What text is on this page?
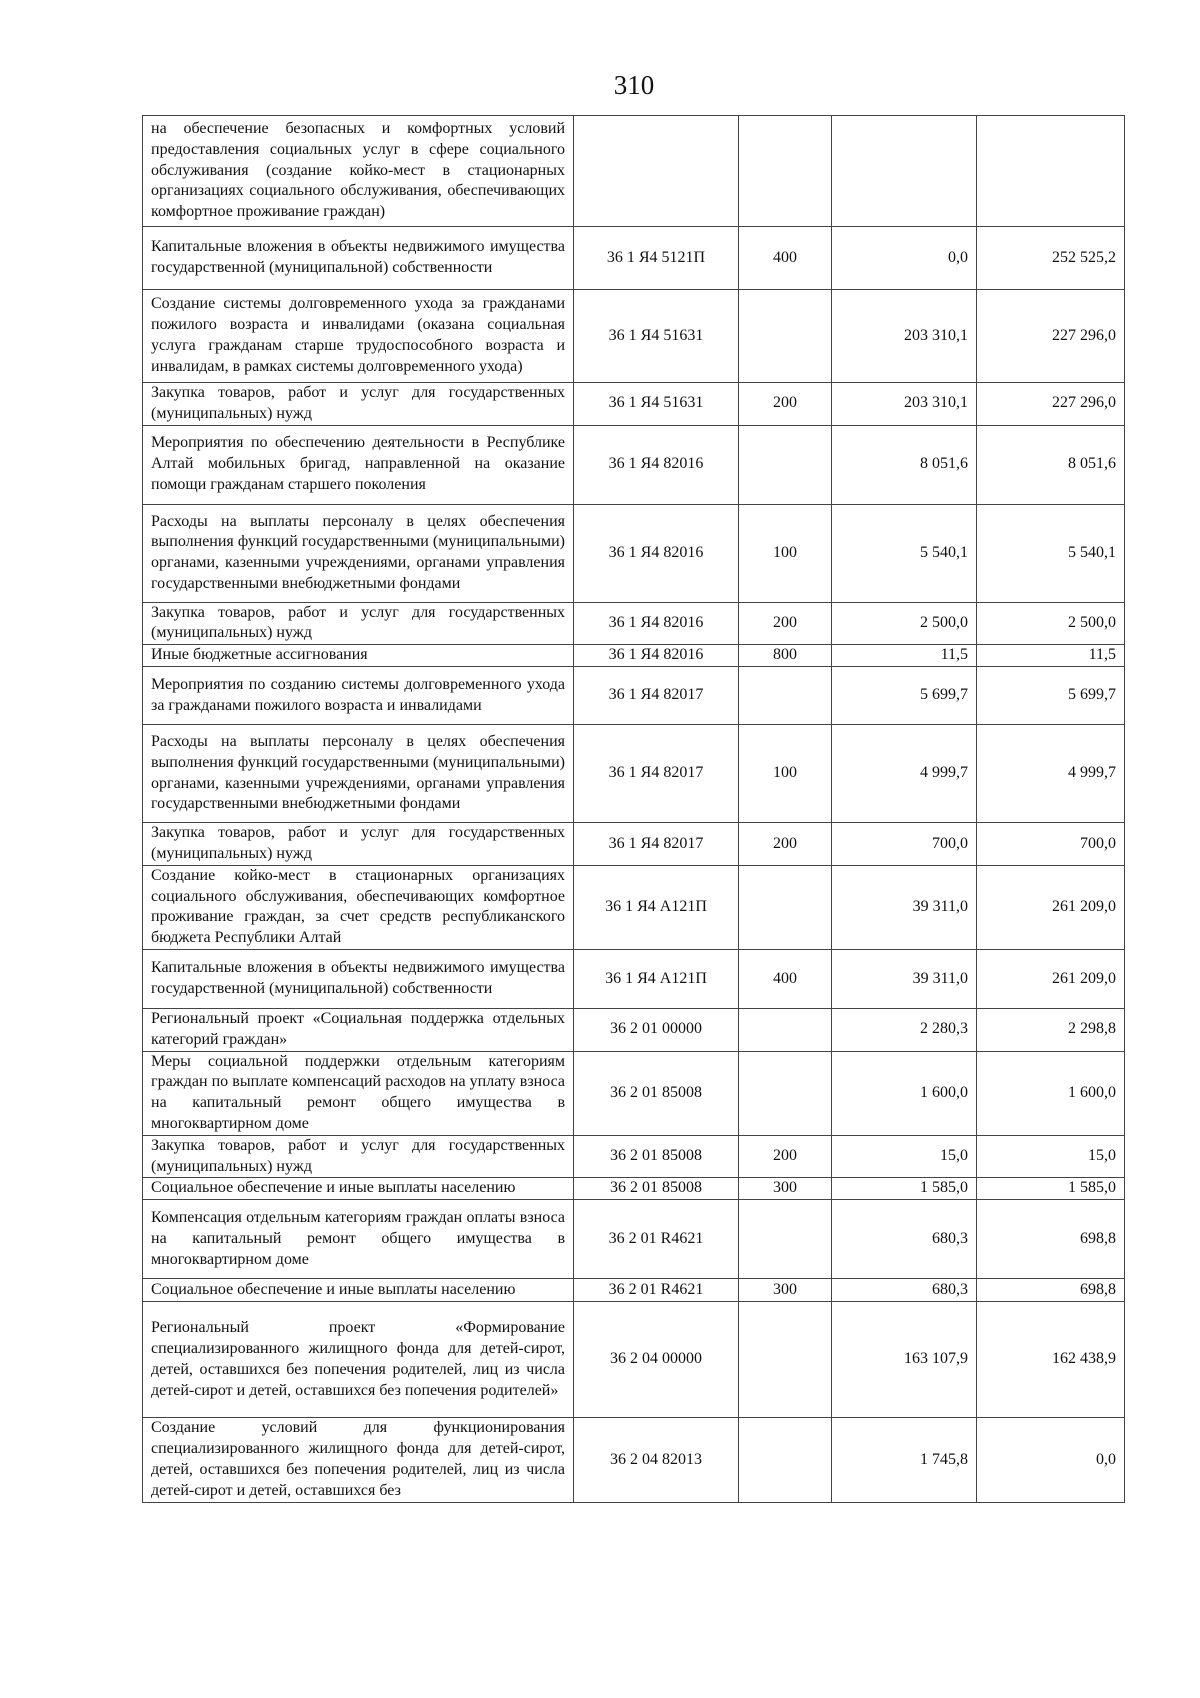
310
на обеспечение безопасных и комфортных условий предоставления социальных услуг в сфере социального обслуживания (создание койко-мест в стационарных организациях социального обслуживания, обеспечивающих комфортное проживание граждан)				
Капитальные вложения в объекты недвижимого имущества государственной (муниципальной) собственности	36 1 Я4 5121П	400	0,0	252 525,2
Создание системы долговременного ухода за гражданами пожилого возраста и инвалидами (оказана социальная услуга гражданам старше трудоспособного возраста и инвалидам, в рамках системы долговременного ухода)	36 1 Я4 51631		203 310,1	227 296,0
Закупка товаров, работ и услуг для государственных (муниципальных) нужд	36 1 Я4 51631	200	203 310,1	227 296,0
Мероприятия по обеспечению деятельности в Республике Алтай мобильных бригад, направленной на оказание помощи гражданам старшего поколения	36 1 Я4 82016		8 051,6	8 051,6
Расходы на выплаты персоналу в целях обеспечения выполнения функций государственными (муниципальными) органами, казенными учреждениями, органами управления государственными внебюджетными фондами	36 1 Я4 82016	100	5 540,1	5 540,1
Закупка товаров, работ и услуг для государственных (муниципальных) нужд	36 1 Я4 82016	200	2 500,0	2 500,0
Иные бюджетные ассигнования	36 1 Я4 82016	800	11,5	11,5
Мероприятия по созданию системы долговременного ухода за гражданами пожилого возраста и инвалидами	36 1 Я4 82017		5 699,7	5 699,7
Расходы на выплаты персоналу в целях обеспечения выполнения функций государственными (муниципальными) органами, казенными учреждениями, органами управления государственными внебюджетными фондами	36 1 Я4 82017	100	4 999,7	4 999,7
Закупка товаров, работ и услуг для государственных (муниципальных) нужд	36 1 Я4 82017	200	700,0	700,0
Создание койко-мест в стационарных организациях социального обслуживания, обеспечивающих комфортное проживание граждан, за счет средств республиканского бюджета Республики Алтай	36 1 Я4 А121П		39 311,0	261 209,0
Капитальные вложения в объекты недвижимого имущества государственной (муниципальной) собственности	36 1 Я4 А121П	400	39 311,0	261 209,0
Региональный проект «Социальная поддержка отдельных категорий граждан»	36 2 01 00000		2 280,3	2 298,8
Меры социальной поддержки отдельным категориям граждан по выплате компенсаций расходов на уплату взноса на капитальный ремонт общего имущества в многоквартирном доме	36 2 01 85008		1 600,0	1 600,0
Закупка товаров, работ и услуг для государственных (муниципальных) нужд	36 2 01 85008	200	15,0	15,0
Социальное обеспечение и иные выплаты населению	36 2 01 85008	300	1 585,0	1 585,0
Компенсация отдельным категориям граждан оплаты взноса на капитальный ремонт общего имущества в многоквартирном доме	36 2 01 R4621		680,3	698,8
Социальное обеспечение и иные выплаты населению	36 2 01 R4621	300	680,3	698,8
Региональный проект «Формирование специализированного жилищного фонда для детей-сирот, детей, оставшихся без попечения родителей, лиц из числа детей-сирот и детей, оставшихся без попечения родителей»	36 2 04 00000		163 107,9	162 438,9
Создание условий для функционирования специализированного жилищного фонда для детей-сирот, детей, оставшихся без попечения родителей, лиц из числа детей-сирот и детей, оставшихся без	36 2 04 82013		1 745,8	0,0
